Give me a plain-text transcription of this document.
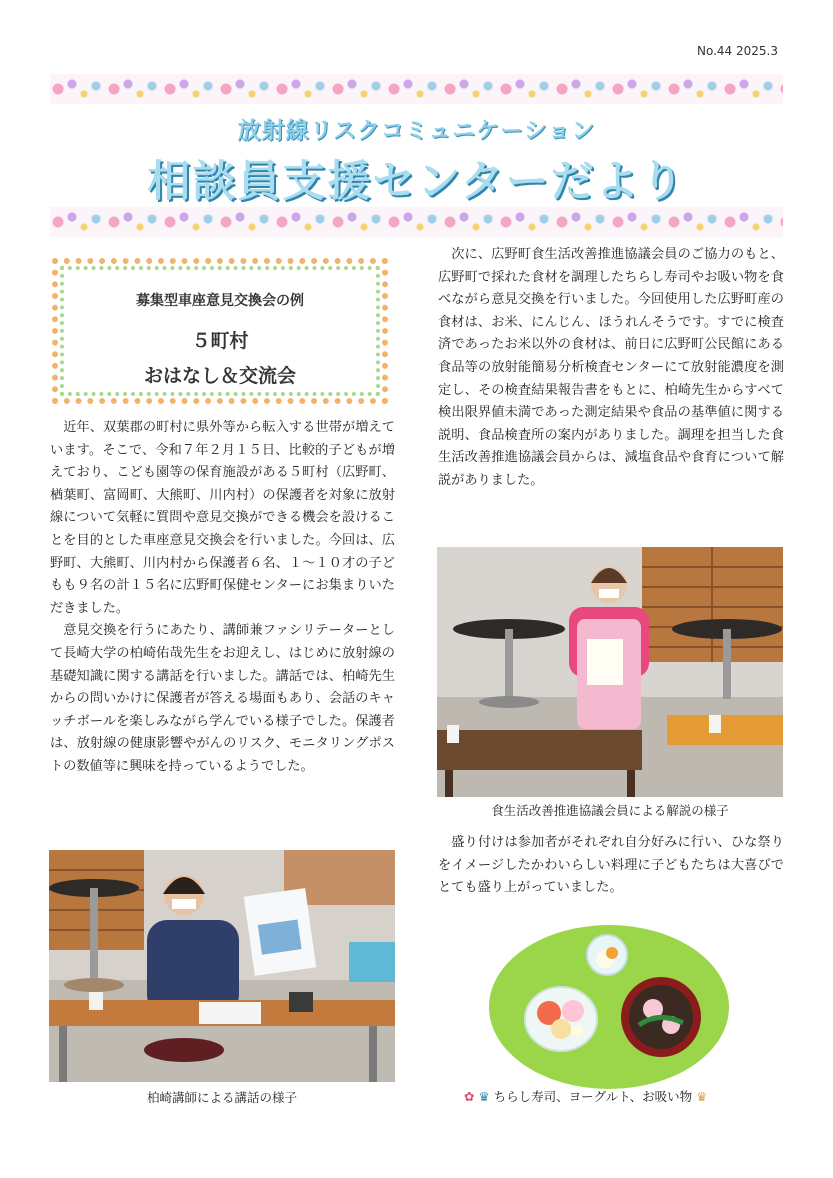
No.44 2025.3
放射線リスクコミュニケーション
相談員支援センターだより
募集型車座意見交換会の例
５町村
おはなし＆交流会

近年、双葉郡の町村に県外等から転入する世帯が増えています。そこで、令和７年２月１５日、比較的子どもが増えており、こども園等の保育施設がある５町村（広野町、楢葉町、富岡町、大熊町、川内村）の保護者を対象に放射線について気軽に質問や意見交換ができる機会を設けることを目的とした車座意見交換会を行いました。今回は、広野町、大熊町、川内村から保護者６名、１～１０才の子どもも９名の計１５名に広野町保健センターにお集まりいただきました。

意見交換を行うにあたり、講師兼ファシリテーターとして長崎大学の柏崎佑哉先生をお迎えし、はじめに放射線の基礎知識に関する講話を行いました。講話では、柏崎先生からの問いかけに保護者が答える場面もあり、会話のキャッチボールを楽しみながら学んでいる様子でした。保護者は、放射線の健康影響やがんのリスク、モニタリングポストの数値等に興味を持っているようでした。

次に、広野町食生活改善推進協議会員のご協力のもと、広野町で採れた食材を調理したちらし寿司やお吸い物を食べながら意見交換を行いました。今回使用した広野町産の食材は、お米、にんじん、ほうれんそうです。すでに検査済であったお米以外の食材は、前日に広野町公民館にある食品等の放射能簡易分析検査センターにて放射能濃度を測定し、その検査結果報告書をもとに、柏崎先生からすべて検出限界値未満であった測定結果や食品の基準値に関する説明、食品検査所の案内がありました。調理を担当した食生活改善推進協議会員からは、減塩食品や食育について解説がありました。

食生活改善推進協議会員による解説の様子

盛り付けは参加者がそれぞれ自分好みに行い、ひな祭りをイメージしたかわいらしい料理に子どもたちは大喜びでとても盛り上がっていました。

柏崎講師による講話の様子	✿ ♛ ちらし寿司、ヨーグルト、お吸い物 ♛
